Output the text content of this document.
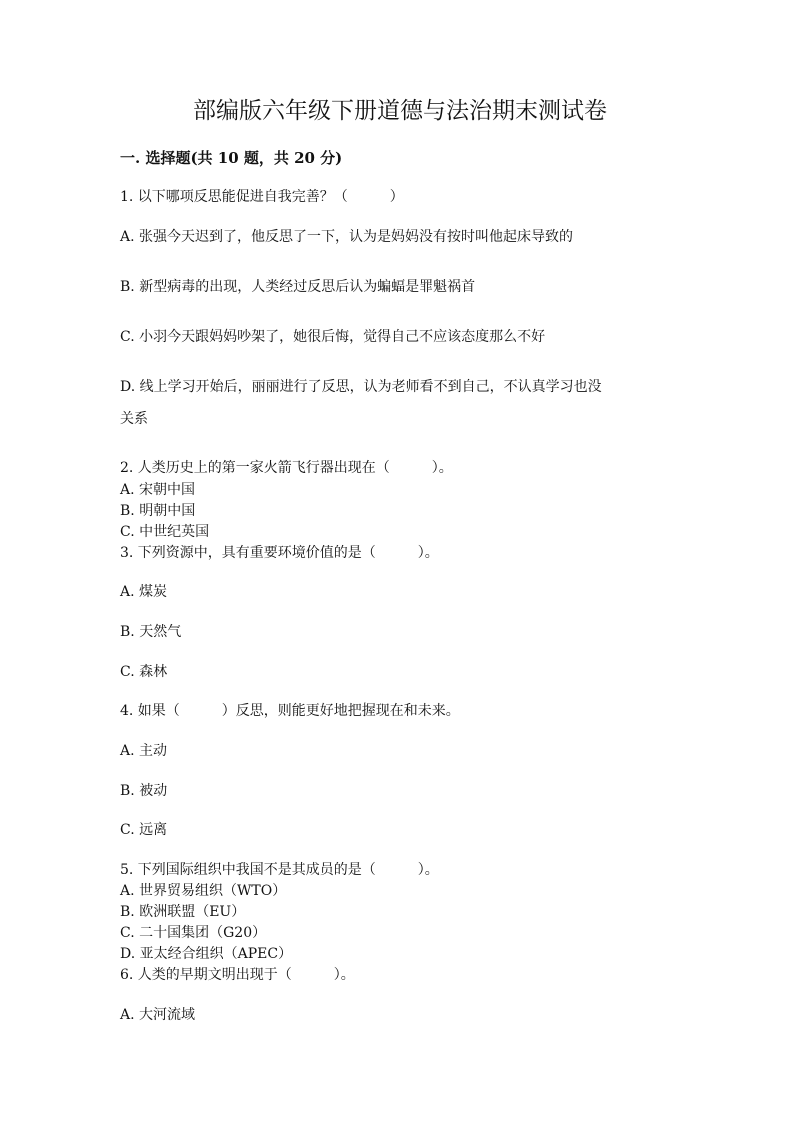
部编版六年级下册道德与法治期末测试卷
一. 选择题(共 10 题，共 20 分)
1. 以下哪项反思能促进自我完善？（　　　）
A. 张强今天迟到了，他反思了一下，认为是妈妈没有按时叫他起床导致的
B. 新型病毒的出现，人类经过反思后认为蝙蝠是罪魁祸首
C. 小羽今天跟妈妈吵架了，她很后悔，觉得自己不应该态度那么不好
D. 线上学习开始后，丽丽进行了反思，认为老师看不到自己，不认真学习也没
关系
2. 人类历史上的第一家火箭飞行器出现在（　　　）。
A. 宋朝中国
B. 明朝中国
C. 中世纪英国
3. 下列资源中，具有重要环境价值的是（　　　）。
A. 煤炭
B. 天然气
C. 森林
4. 如果（　　　）反思，则能更好地把握现在和未来。
A. 主动
B. 被动
C. 远离
5. 下列国际组织中我国不是其成员的是（　　　）。
A. 世界贸易组织（WTO）
B. 欧洲联盟（EU）
C. 二十国集团（G20）
D. 亚太经合组织（APEC）
6. 人类的早期文明出现于（　　　）。
A. 大河流域
